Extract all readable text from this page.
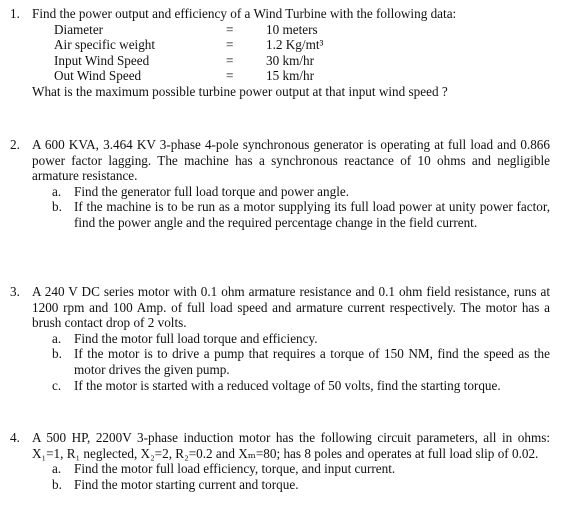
1. Find the power output and efficiency of a Wind Turbine with the following data:
Diameter	= 10 meters
Air specific weight	= 1.2 Kg/mt³
Input Wind Speed	= 30 km/hr
Out Wind Speed	= 15 km/hr
What is the maximum possible turbine power output at that input wind speed ?
2. A 600 KVA, 3.464 KV 3-phase 4-pole synchronous generator is operating at full load and 0.866 power factor lagging. The machine has a synchronous reactance of 10 ohms and negligible armature resistance.
a. Find the generator full load torque and power angle.
b. If the machine is to be run as a motor supplying its full load power at unity power factor, find the power angle and the required percentage change in the field current.
3. A 240 V DC series motor with 0.1 ohm armature resistance and 0.1 ohm field resistance, runs at 1200 rpm and 100 Amp. of full load speed and armature current respectively. The motor has a brush contact drop of 2 volts.
a. Find the motor full load torque and efficiency.
b. If the motor is to drive a pump that requires a torque of 150 NM, find the speed as the motor drives the given pump.
c. If the motor is started with a reduced voltage of 50 volts, find the starting torque.
4. A 500 HP, 2200V 3-phase induction motor has the following circuit parameters, all in ohms: X₁=1, R₁ neglected, X₂=2, R₂=0.2 and Xₘ=80; has 8 poles and operates at full load slip of 0.02.
a. Find the motor full load efficiency, torque, and input current.
b. Find the motor starting current and torque.
